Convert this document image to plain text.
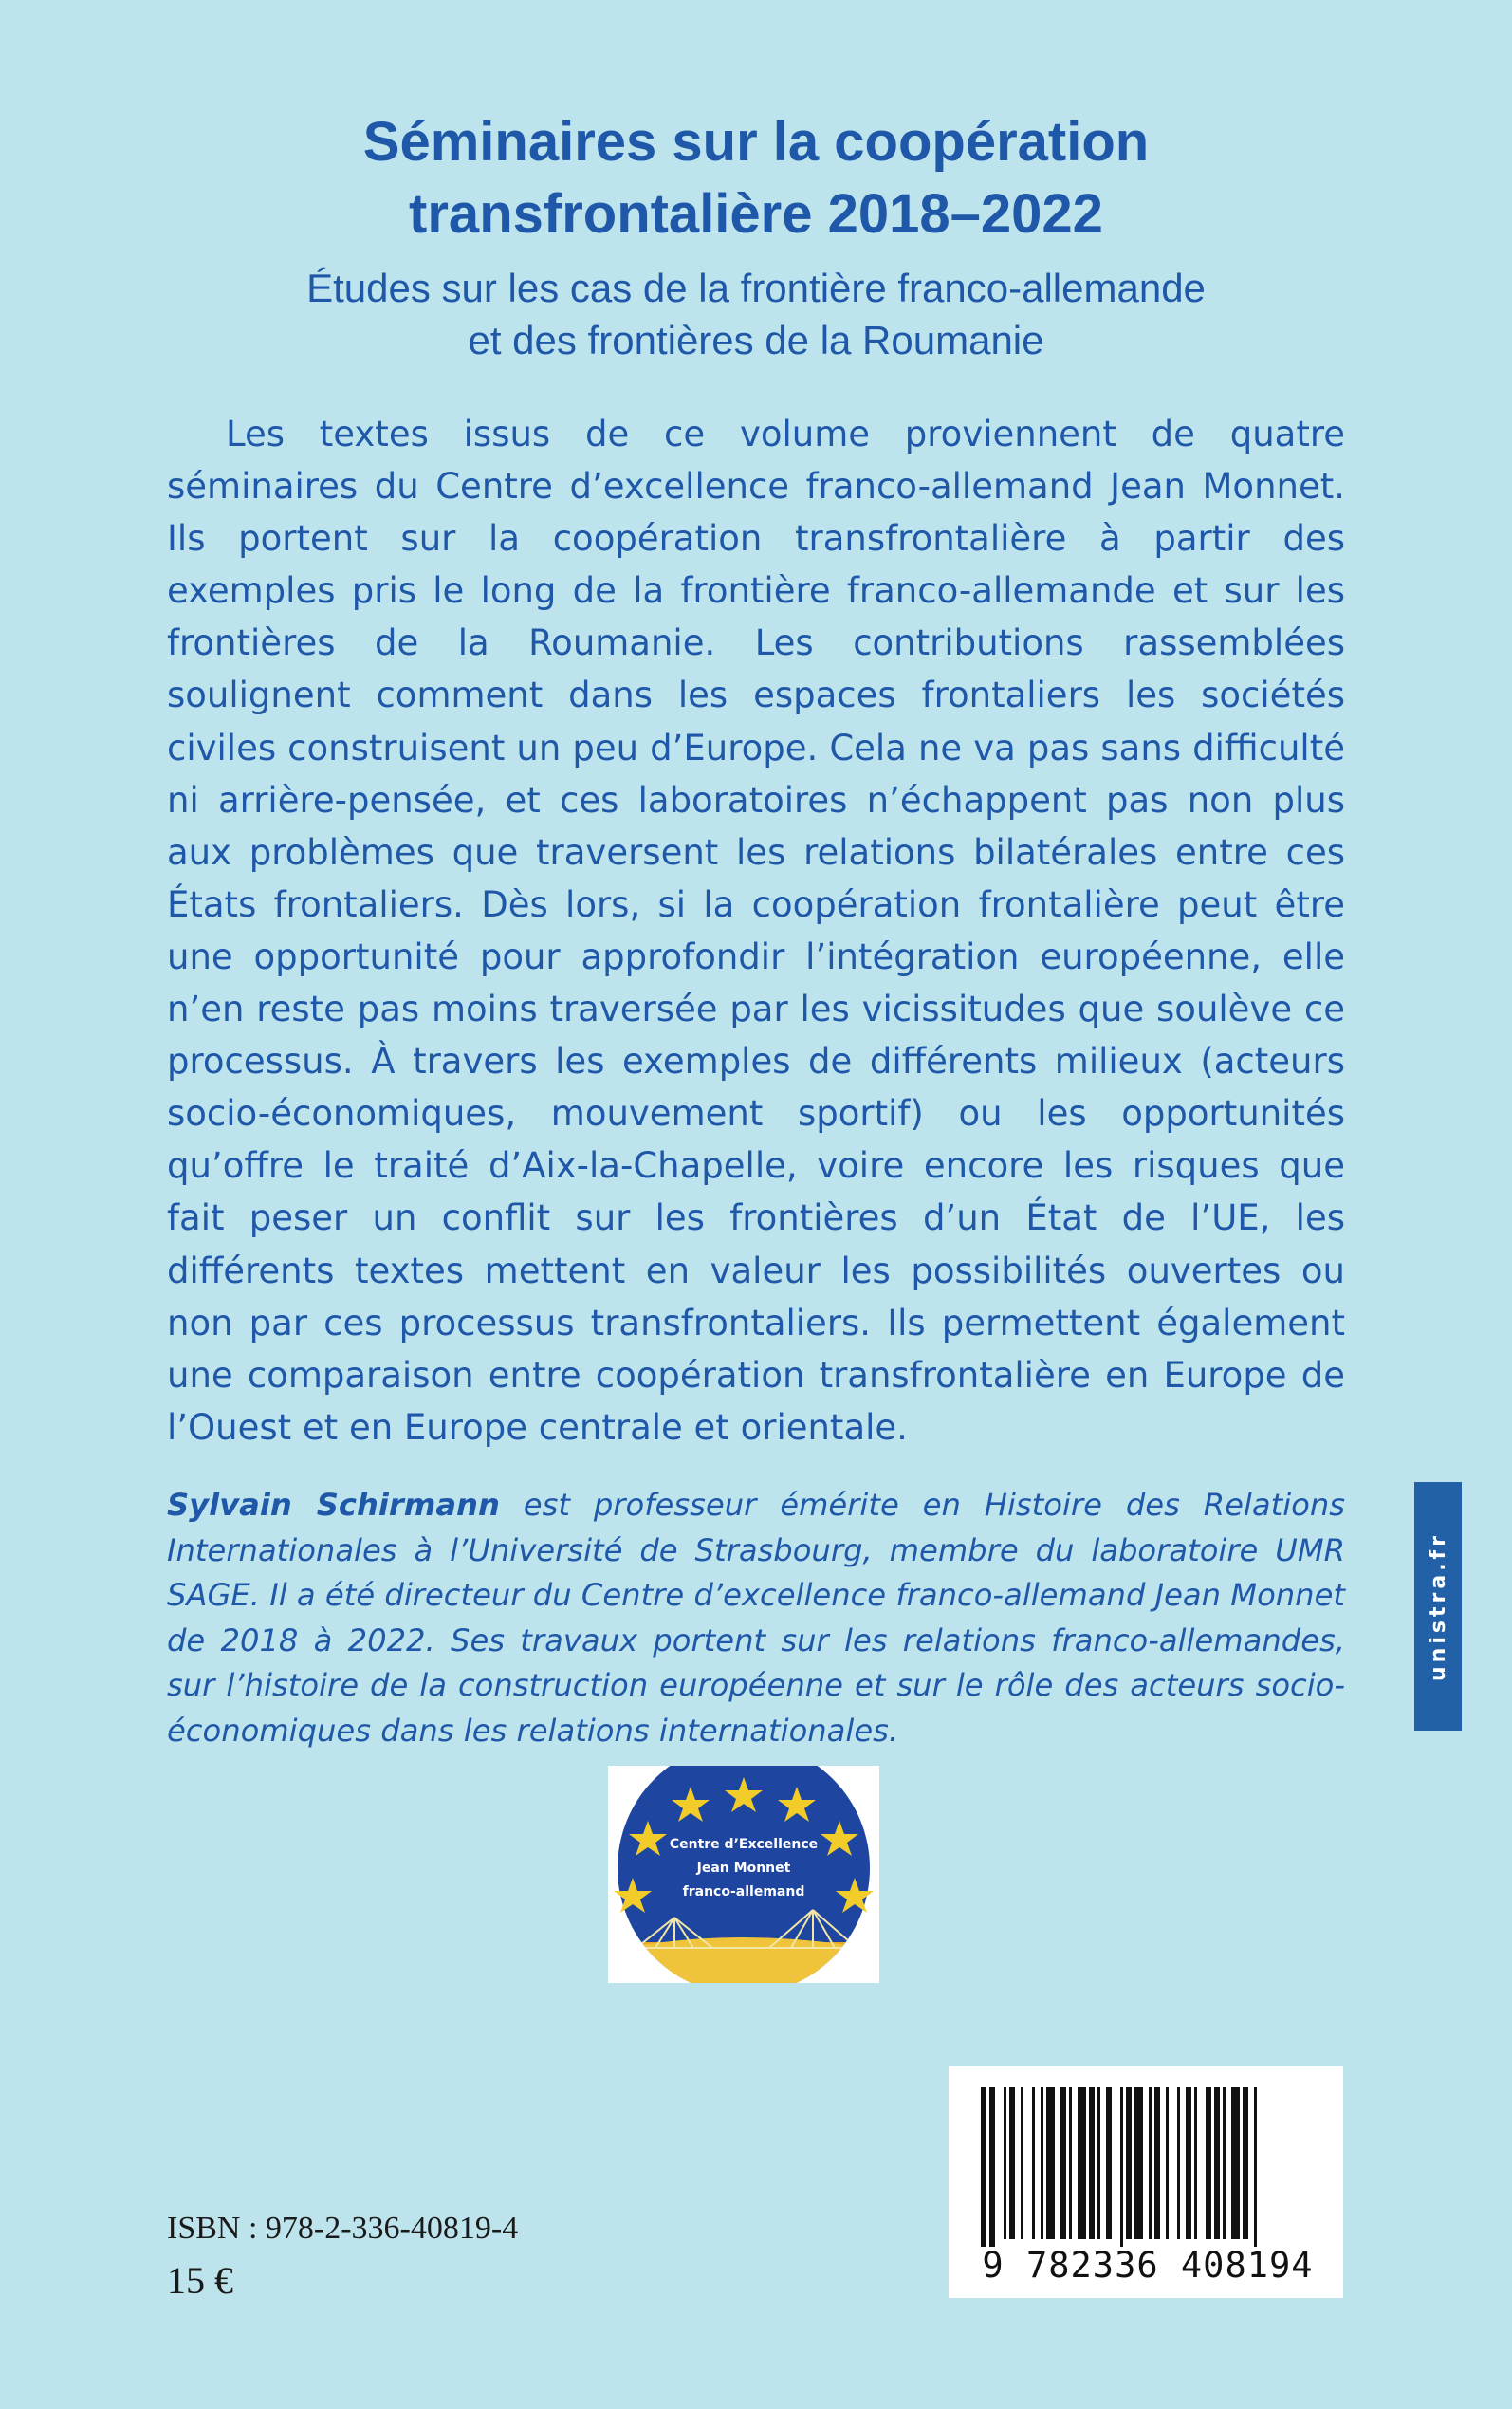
Séminaires sur la coopération
transfrontalière 2018–2022
Études sur les cas de la frontière franco-allemande
et des frontières de la Roumanie

Les textes issus de ce volume proviennent de quatre séminaires du Centre d’excellence franco-allemand Jean Monnet. Ils portent sur la coopération transfrontalière à partir des exemples pris le long de la frontière franco-allemande et sur les frontières de la Roumanie. Les contributions rassemblées soulignent comment dans les espaces frontaliers les sociétés civiles construisent un peu d’Europe. Cela ne va pas sans difficulté ni arrière-pensée, et ces laboratoires n’échappent pas non plus aux problèmes que traversent les relations bilatérales entre ces États frontaliers. Dès lors, si la coopération frontalière peut être une opportunité pour approfondir l’intégration européenne, elle n’en reste pas moins traversée par les vicissitudes que soulève ce processus. À travers les exemples de différents milieux (acteurs socio-économiques, mouvement sportif) ou les opportunités qu’offre le traité d’Aix-la-Chapelle, voire encore les risques que fait peser un conflit sur les frontières d’un État de l’UE, les différents textes mettent en valeur les possibilités ouvertes ou non par ces processus transfrontaliers. Ils permettent également une comparaison entre coopération transfrontalière en Europe de l’Ouest et en Europe centrale et orientale.

Sylvain Schirmann est professeur émérite en Histoire des Relations Internationales à l’Université de Strasbourg, membre du laboratoire UMR SAGE. Il a été directeur du Centre d’excellence franco-allemand Jean Monnet de 2018 à 2022. Ses travaux portent sur les relations franco-allemandes, sur l’histoire de la construction européenne et sur le rôle des acteurs socio-économiques dans les relations internationales.

unistra.fr
Centre d’Excellence
Jean Monnet
franco-allemand
9 782336 408194

ISBN : 978-2-336-40819-4

15 €
